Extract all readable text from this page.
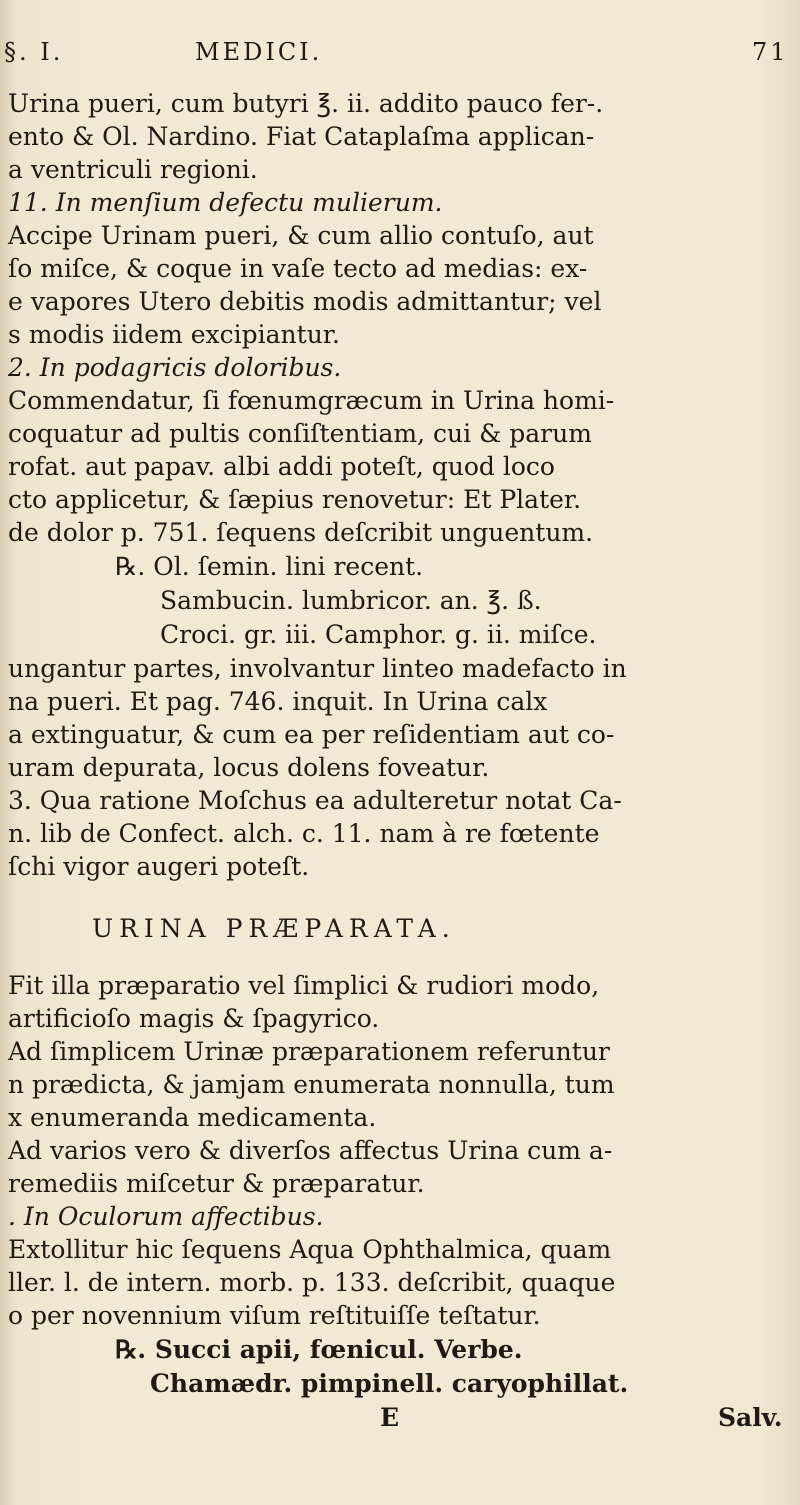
§. I.	MEDICI.	71
Urina pueri, cum butyri ℥. ii. addito pauco fer-.
ento & Ol. Nardino. Fiat Cataplaſma applican-
a ventriculi regioni.
11. In menſium defectu mulierum.
Accipe Urinam pueri, & cum allio contuſo, aut
ſo miſce, & coque in vaſe tecto ad medias: ex-
e vapores Utero debitis modis admittantur; vel
s modis iidem excipiantur.
2. In podagricis doloribus.
Commendatur, ſi fœnumgræcum in Urina homi-
coquatur ad pultis conſiſtentiam, cui & parum
rofat. aut papav. albi addi poteſt, quod loco
cto applicetur, & ſæpius renovetur: Et Plater.
de dolor p. 751. ſequens deſcribit unguentum.
℞. Ol. ſemin. lini recent.
Sambucin. lumbricor. an. ℥. ß.
Croci. gr. iii. Camphor. g. ii. miſce.
ungantur partes, involvantur linteo madefacto in
na pueri. Et pag. 746. inquit. In Urina calx
a extinguatur, & cum ea per reſidentiam aut co-
uram depurata, locus dolens foveatur.
3. Qua ratione Moſchus ea adulteretur notat Ca-
n. lib de Confect. alch. c. 11. nam à re fœtente
ſchi vigor augeri poteſt.
URINA PRÆPARATA.
Fit illa præparatio vel ſimplici & rudiori modo,
artificioſo magis & ſpagyrico.
Ad ſimplicem Urinæ præparationem referuntur
n prædicta, & jamjam enumerata nonnulla, tum
x enumeranda medicamenta.
Ad varios vero & diverſos affectus Urina cum a-
remediis miſcetur & præparatur.
. In Oculorum affectibus.
Extollitur hic ſequens Aqua Ophthalmica, quam
ller. l. de intern. morb. p. 133. deſcribit, quaque
o per novennium viſum reſtituiſſe teſtatur.
℞. Succi apii, fœnicul. Verbe.
Chamædr. pimpinell. caryophillat.
E	Salv.
